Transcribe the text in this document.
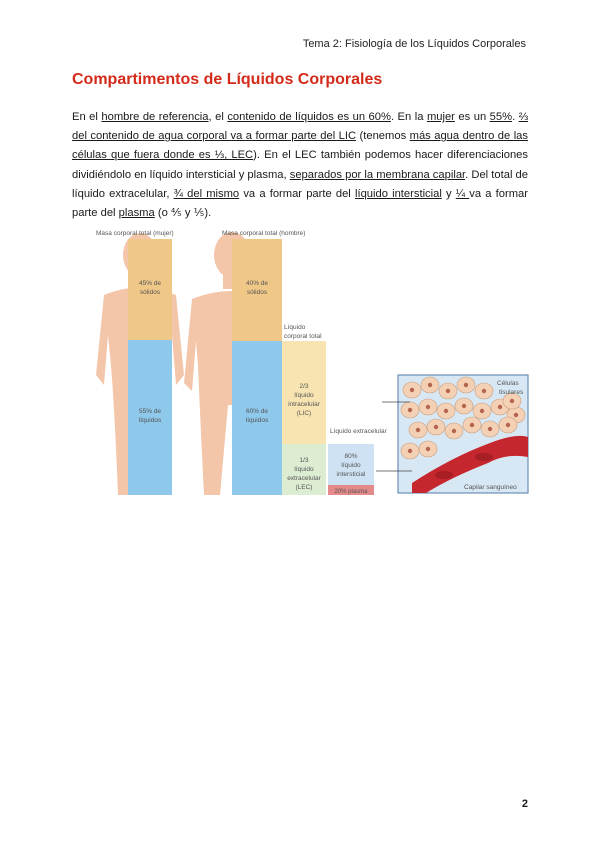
Tema 2: Fisiología de los Líquidos Corporales
Compartimentos de Líquidos Corporales

En el hombre de referencia, el contenido de líquidos es un 60%. En la mujer es un 55%. ⅔ del contenido de agua corporal va a formar parte del LIC (tenemos más agua dentro de las células que fuera donde es ⅓, LEC). En el LEC también podemos hacer diferenciaciones dividiéndolo en líquido intersticial y plasma, separados por la membrana capilar. Del total de líquido extracelular, ¾ del mismo va a formar parte del líquido intersticial y ¼ va a formar parte del plasma (o ⅘ y ⅕).

Masa corporal total (mujer)	Masa corporal total (hombre)
45% de sólidos
55% de líquidos
40% de sólidos
60% de líquidos
Líquido corporal total
2/3 líquido intracelular (LIC)
1/3 líquido extracelular (LEC)
Líquido extracelular
80% líquido intersticial
20% plasma
Células tisulares
Capilar sanguíneo
2
